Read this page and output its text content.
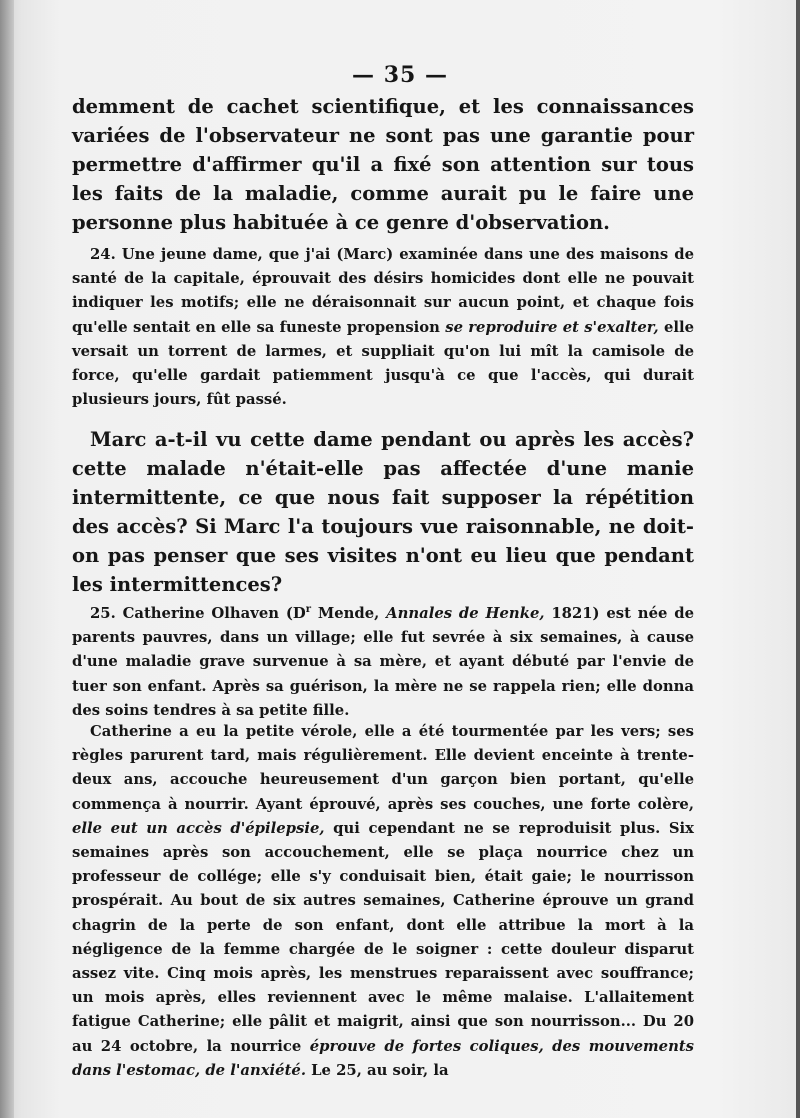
— 35 —
demment de cachet scientifique, et les connaissances variées de l'observateur ne sont pas une garantie pour permettre d'affirmer qu'il a fixé son attention sur tous les faits de la maladie, comme aurait pu le faire une personne plus habituée à ce genre d'observation.
24. Une jeune dame, que j'ai (Marc) examinée dans une des maisons de santé de la capitale, éprouvait des désirs homicides dont elle ne pouvait indiquer les motifs; elle ne déraisonnait sur aucun point, et chaque fois qu'elle sentait en elle sa funeste propension se reproduire et s'exalter, elle versait un torrent de larmes, et suppliait qu'on lui mît la camisole de force, qu'elle gardait patiemment jusqu'à ce que l'accès, qui durait plusieurs jours, fût passé.
Marc a-t-il vu cette dame pendant ou après les accès? cette malade n'était-elle pas affectée d'une manie intermittente, ce que nous fait supposer la répétition des accès? Si Marc l'a toujours vue raisonnable, ne doit-on pas penser que ses visites n'ont eu lieu que pendant les intermittences?
25. Catherine Olhaven ($D^r$ Mende, Annales de Henke, 1821) est née de parents pauvres, dans un village; elle fut sevrée à six semaines, à cause d'une maladie grave survenue à sa mère, et ayant débuté par l'envie de tuer son enfant. Après sa guérison, la mère ne se rappela rien; elle donna des soins tendres à sa petite fille.
Catherine a eu la petite vérole, elle a été tourmentée par les vers; ses règles parurent tard, mais régulièrement. Elle devient enceinte à trente-deux ans, accouche heureusement d'un garçon bien portant, qu'elle commença à nourrir. Ayant éprouvé, après ses couches, une forte colère, elle eut un accès d'épilepsie, qui cependant ne se reproduisit plus. Six semaines après son accouchement, elle se plaça nourrice chez un professeur de collége; elle s'y conduisait bien, était gaie; le nourrisson prospérait. Au bout de six autres semaines, Catherine éprouve un grand chagrin de la perte de son enfant, dont elle attribue la mort à la négligence de la femme chargée de le soigner : cette douleur disparut assez vite. Cinq mois après, les menstrues reparaissent avec souffrance; un mois après, elles reviennent avec le même malaise. L'allaitement fatigue Catherine; elle pâlit et maigrit, ainsi que son nourrisson... Du 20 au 24 octobre, la nourrice éprouve de fortes coliques, des mouvements dans l'estomac, de l'anxiété. Le 25, au soir, la
